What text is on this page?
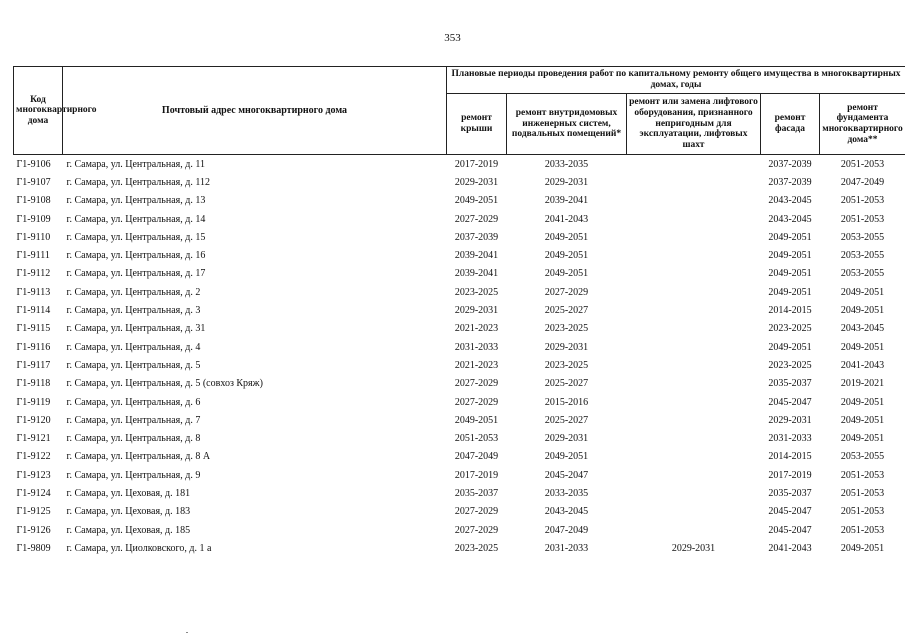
353
Код многоквартирного дома	Почтовый адрес многоквартирного дома	Плановые периоды проведения работ по капитальному ремонту общего имущества в многоквартирных домах, годы				
		ремонт крыши	ремонт внутридомовых инженерных систем, подвальных помещений*	ремонт или замена лифтового оборудования, признанного непригодным для эксплуатации, лифтовых шахт	ремонт фасада	ремонт фундамента многоквартирного дома**
Г1-9106	г. Самара, ул. Центральная, д. 11	2017-2019	2033-2035		2037-2039	2051-2053
Г1-9107	г. Самара, ул. Центральная, д. 112	2029-2031	2029-2031		2037-2039	2047-2049
Г1-9108	г. Самара, ул. Центральная, д. 13	2049-2051	2039-2041		2043-2045	2051-2053
Г1-9109	г. Самара, ул. Центральная, д. 14	2027-2029	2041-2043		2043-2045	2051-2053
Г1-9110	г. Самара, ул. Центральная, д. 15	2037-2039	2049-2051		2049-2051	2053-2055
Г1-9111	г. Самара, ул. Центральная, д. 16	2039-2041	2049-2051		2049-2051	2053-2055
Г1-9112	г. Самара, ул. Центральная, д. 17	2039-2041	2049-2051		2049-2051	2053-2055
Г1-9113	г. Самара, ул. Центральная, д. 2	2023-2025	2027-2029		2049-2051	2049-2051
Г1-9114	г. Самара, ул. Центральная, д. 3	2029-2031	2025-2027		2014-2015	2049-2051
Г1-9115	г. Самара, ул. Центральная, д. 31	2021-2023	2023-2025		2023-2025	2043-2045
Г1-9116	г. Самара, ул. Центральная, д. 4	2031-2033	2029-2031		2049-2051	2049-2051
Г1-9117	г. Самара, ул. Центральная, д. 5	2021-2023	2023-2025		2023-2025	2041-2043
Г1-9118	г. Самара, ул. Центральная, д. 5 (совхоз Кряж)	2027-2029	2025-2027		2035-2037	2019-2021
Г1-9119	г. Самара, ул. Центральная, д. 6	2027-2029	2015-2016		2045-2047	2049-2051
Г1-9120	г. Самара, ул. Центральная, д. 7	2049-2051	2025-2027		2029-2031	2049-2051
Г1-9121	г. Самара, ул. Центральная, д. 8	2051-2053	2029-2031		2031-2033	2049-2051
Г1-9122	г. Самара, ул. Центральная, д. 8 А	2047-2049	2049-2051		2014-2015	2053-2055
Г1-9123	г. Самара, ул. Центральная, д. 9	2017-2019	2045-2047		2017-2019	2051-2053
Г1-9124	г. Самара, ул. Цеховая, д. 181	2035-2037	2033-2035		2035-2037	2051-2053
Г1-9125	г. Самара, ул. Цеховая, д. 183	2027-2029	2043-2045		2045-2047	2051-2053
Г1-9126	г. Самара, ул. Цеховая, д. 185	2027-2029	2047-2049		2045-2047	2051-2053
Г1-9809	г. Самара, ул. Циолковского, д. 1 а	2023-2025	2031-2033	2029-2031	2041-2043	2049-2051
